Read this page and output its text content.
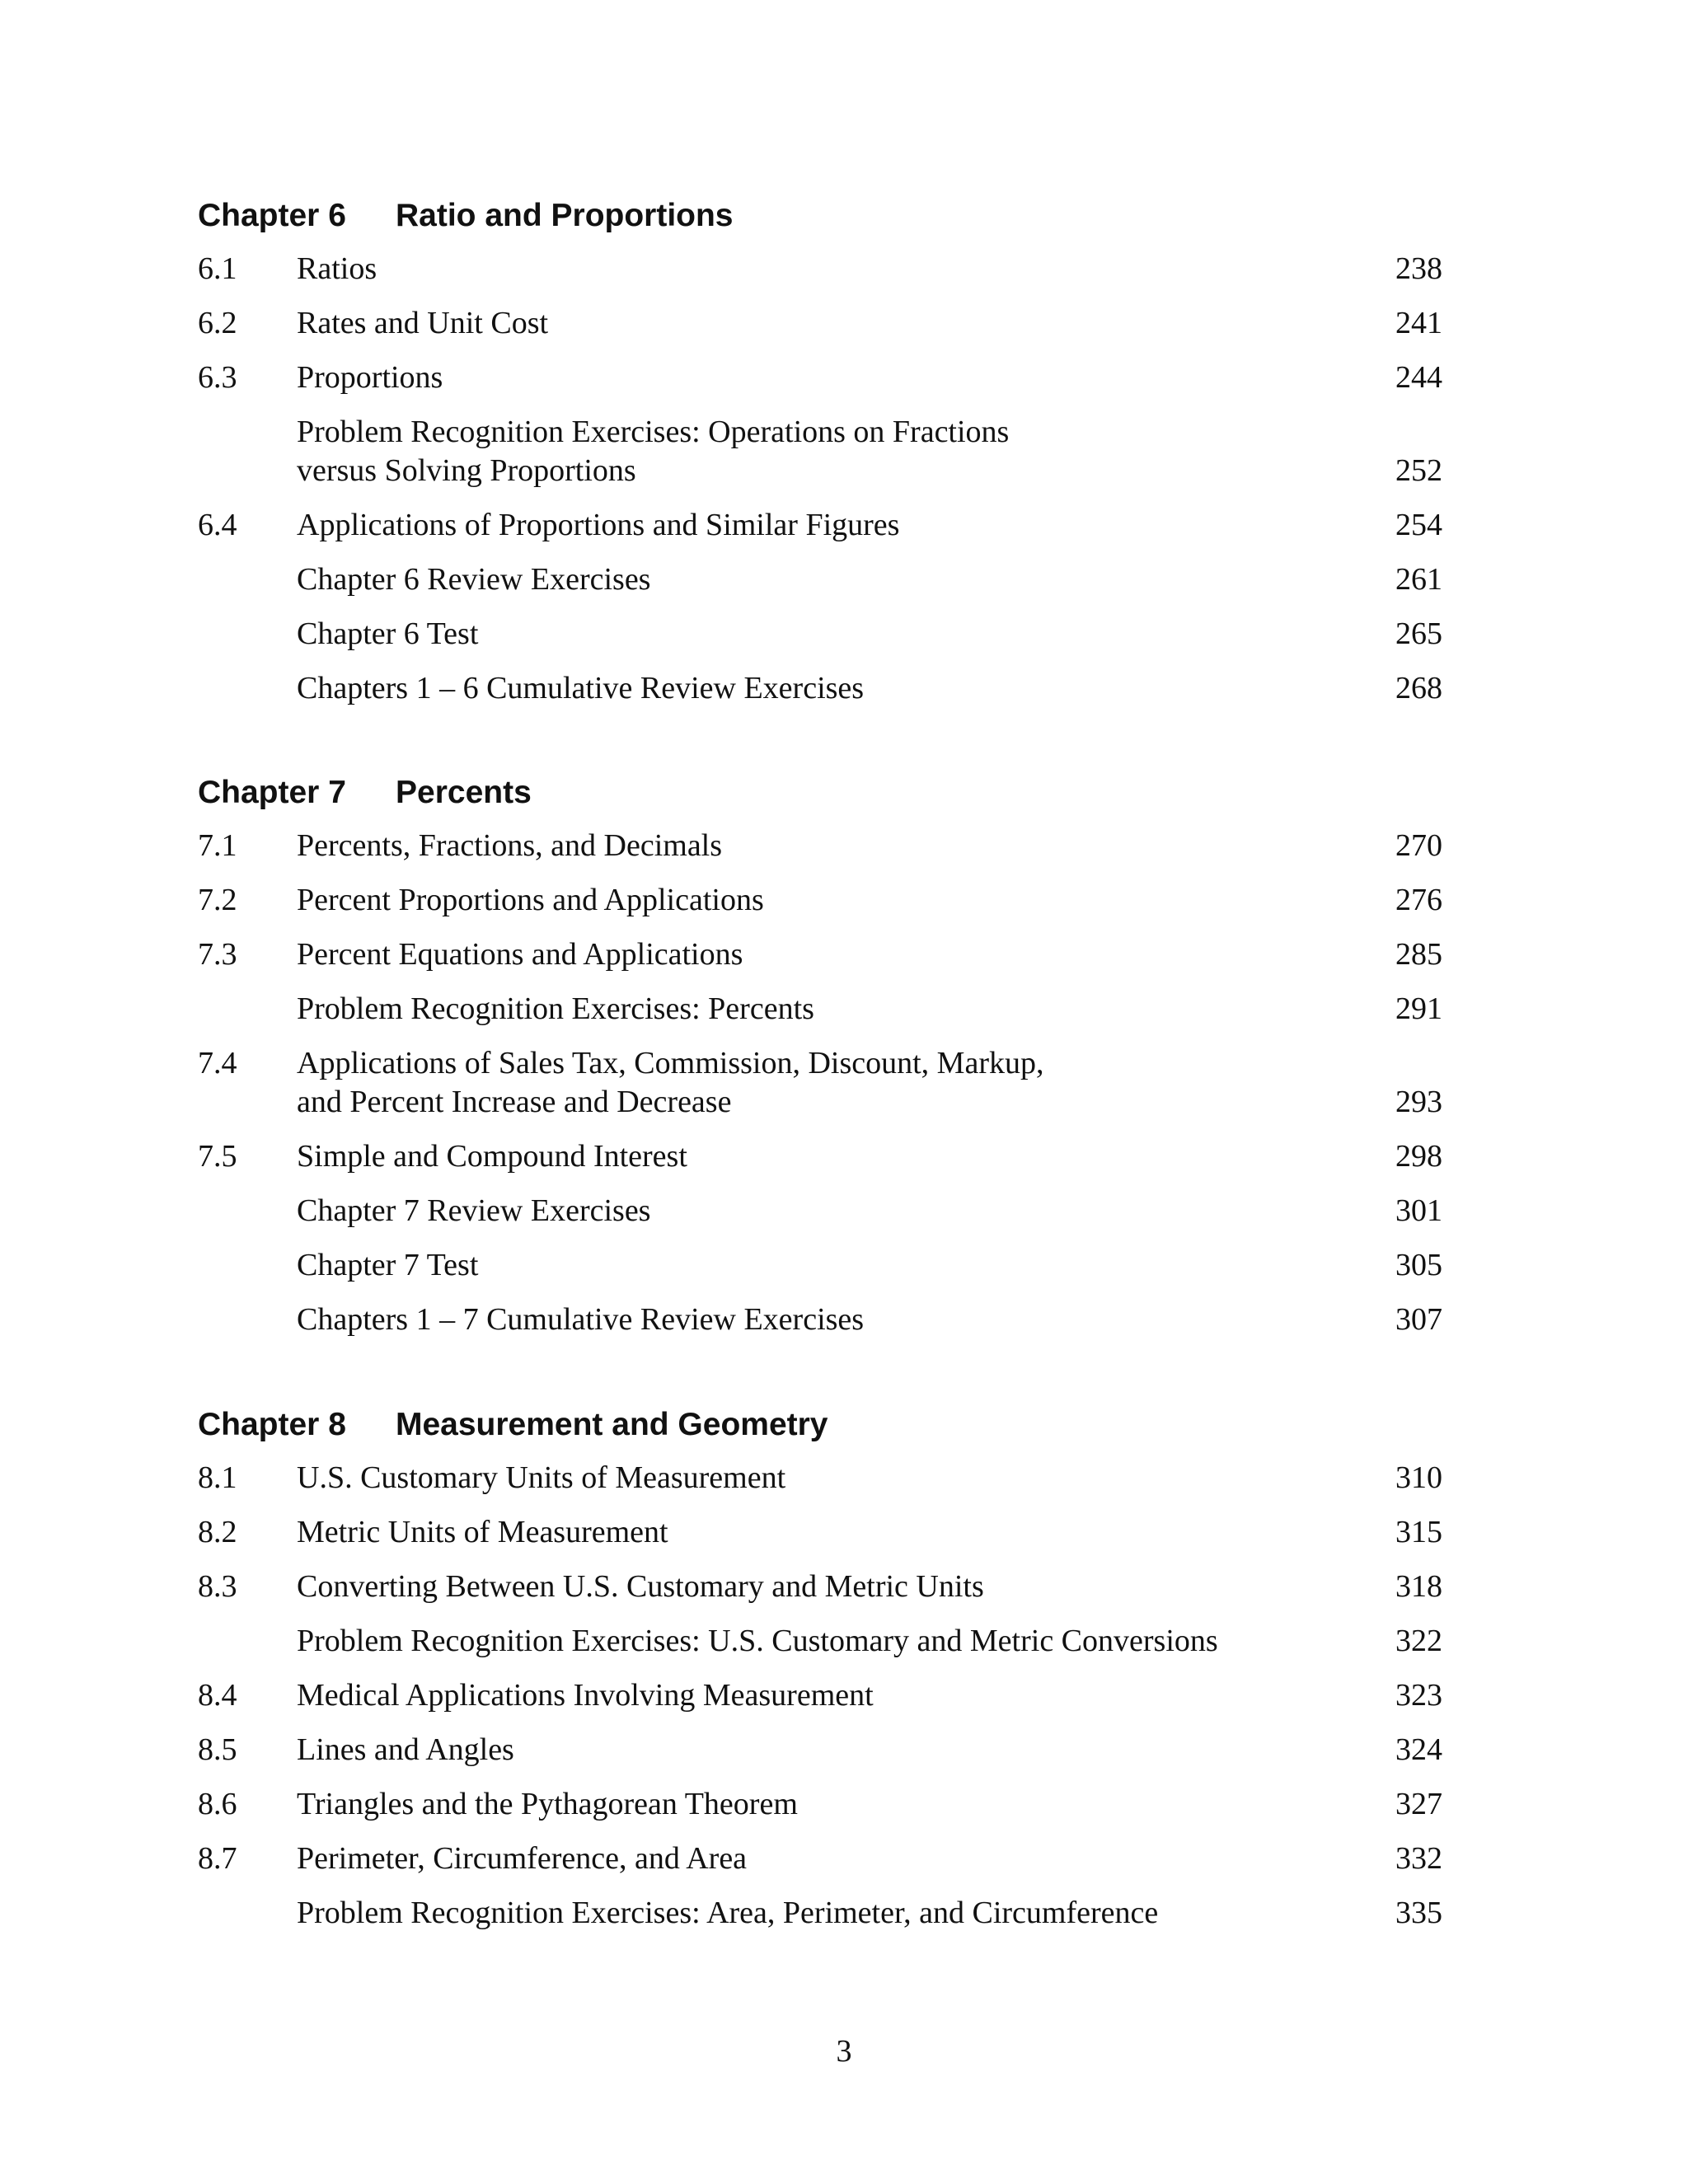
Chapter 6	Ratio and Proportions
6.1	Ratios	238
6.2	Rates and Unit Cost	241
6.3	Proportions	244
Problem Recognition Exercises: Operations on Fractions
versus Solving Proportions	252
6.4	Applications of Proportions and Similar Figures	254
Chapter 6 Review Exercises	261
Chapter 6 Test	265
Chapters 1 – 6 Cumulative Review Exercises	268
Chapter 7	Percents
7.1	Percents, Fractions, and Decimals	270
7.2	Percent Proportions and Applications	276
7.3	Percent Equations and Applications	285
Problem Recognition Exercises: Percents	291
7.4	Applications of Sales Tax, Commission, Discount, Markup,
and Percent Increase and Decrease	293
7.5	Simple and Compound Interest	298
Chapter 7 Review Exercises	301
Chapter 7 Test	305
Chapters 1 – 7 Cumulative Review Exercises	307
Chapter 8	Measurement and Geometry
8.1	U.S. Customary Units of Measurement	310
8.2	Metric Units of Measurement	315
8.3	Converting Between U.S. Customary and Metric Units	318
Problem Recognition Exercises: U.S. Customary and Metric Conversions	322
8.4	Medical Applications Involving Measurement	323
8.5	Lines and Angles	324
8.6	Triangles and the Pythagorean Theorem	327
8.7	Perimeter, Circumference, and Area	332
Problem Recognition Exercises: Area, Perimeter, and Circumference	335
3
